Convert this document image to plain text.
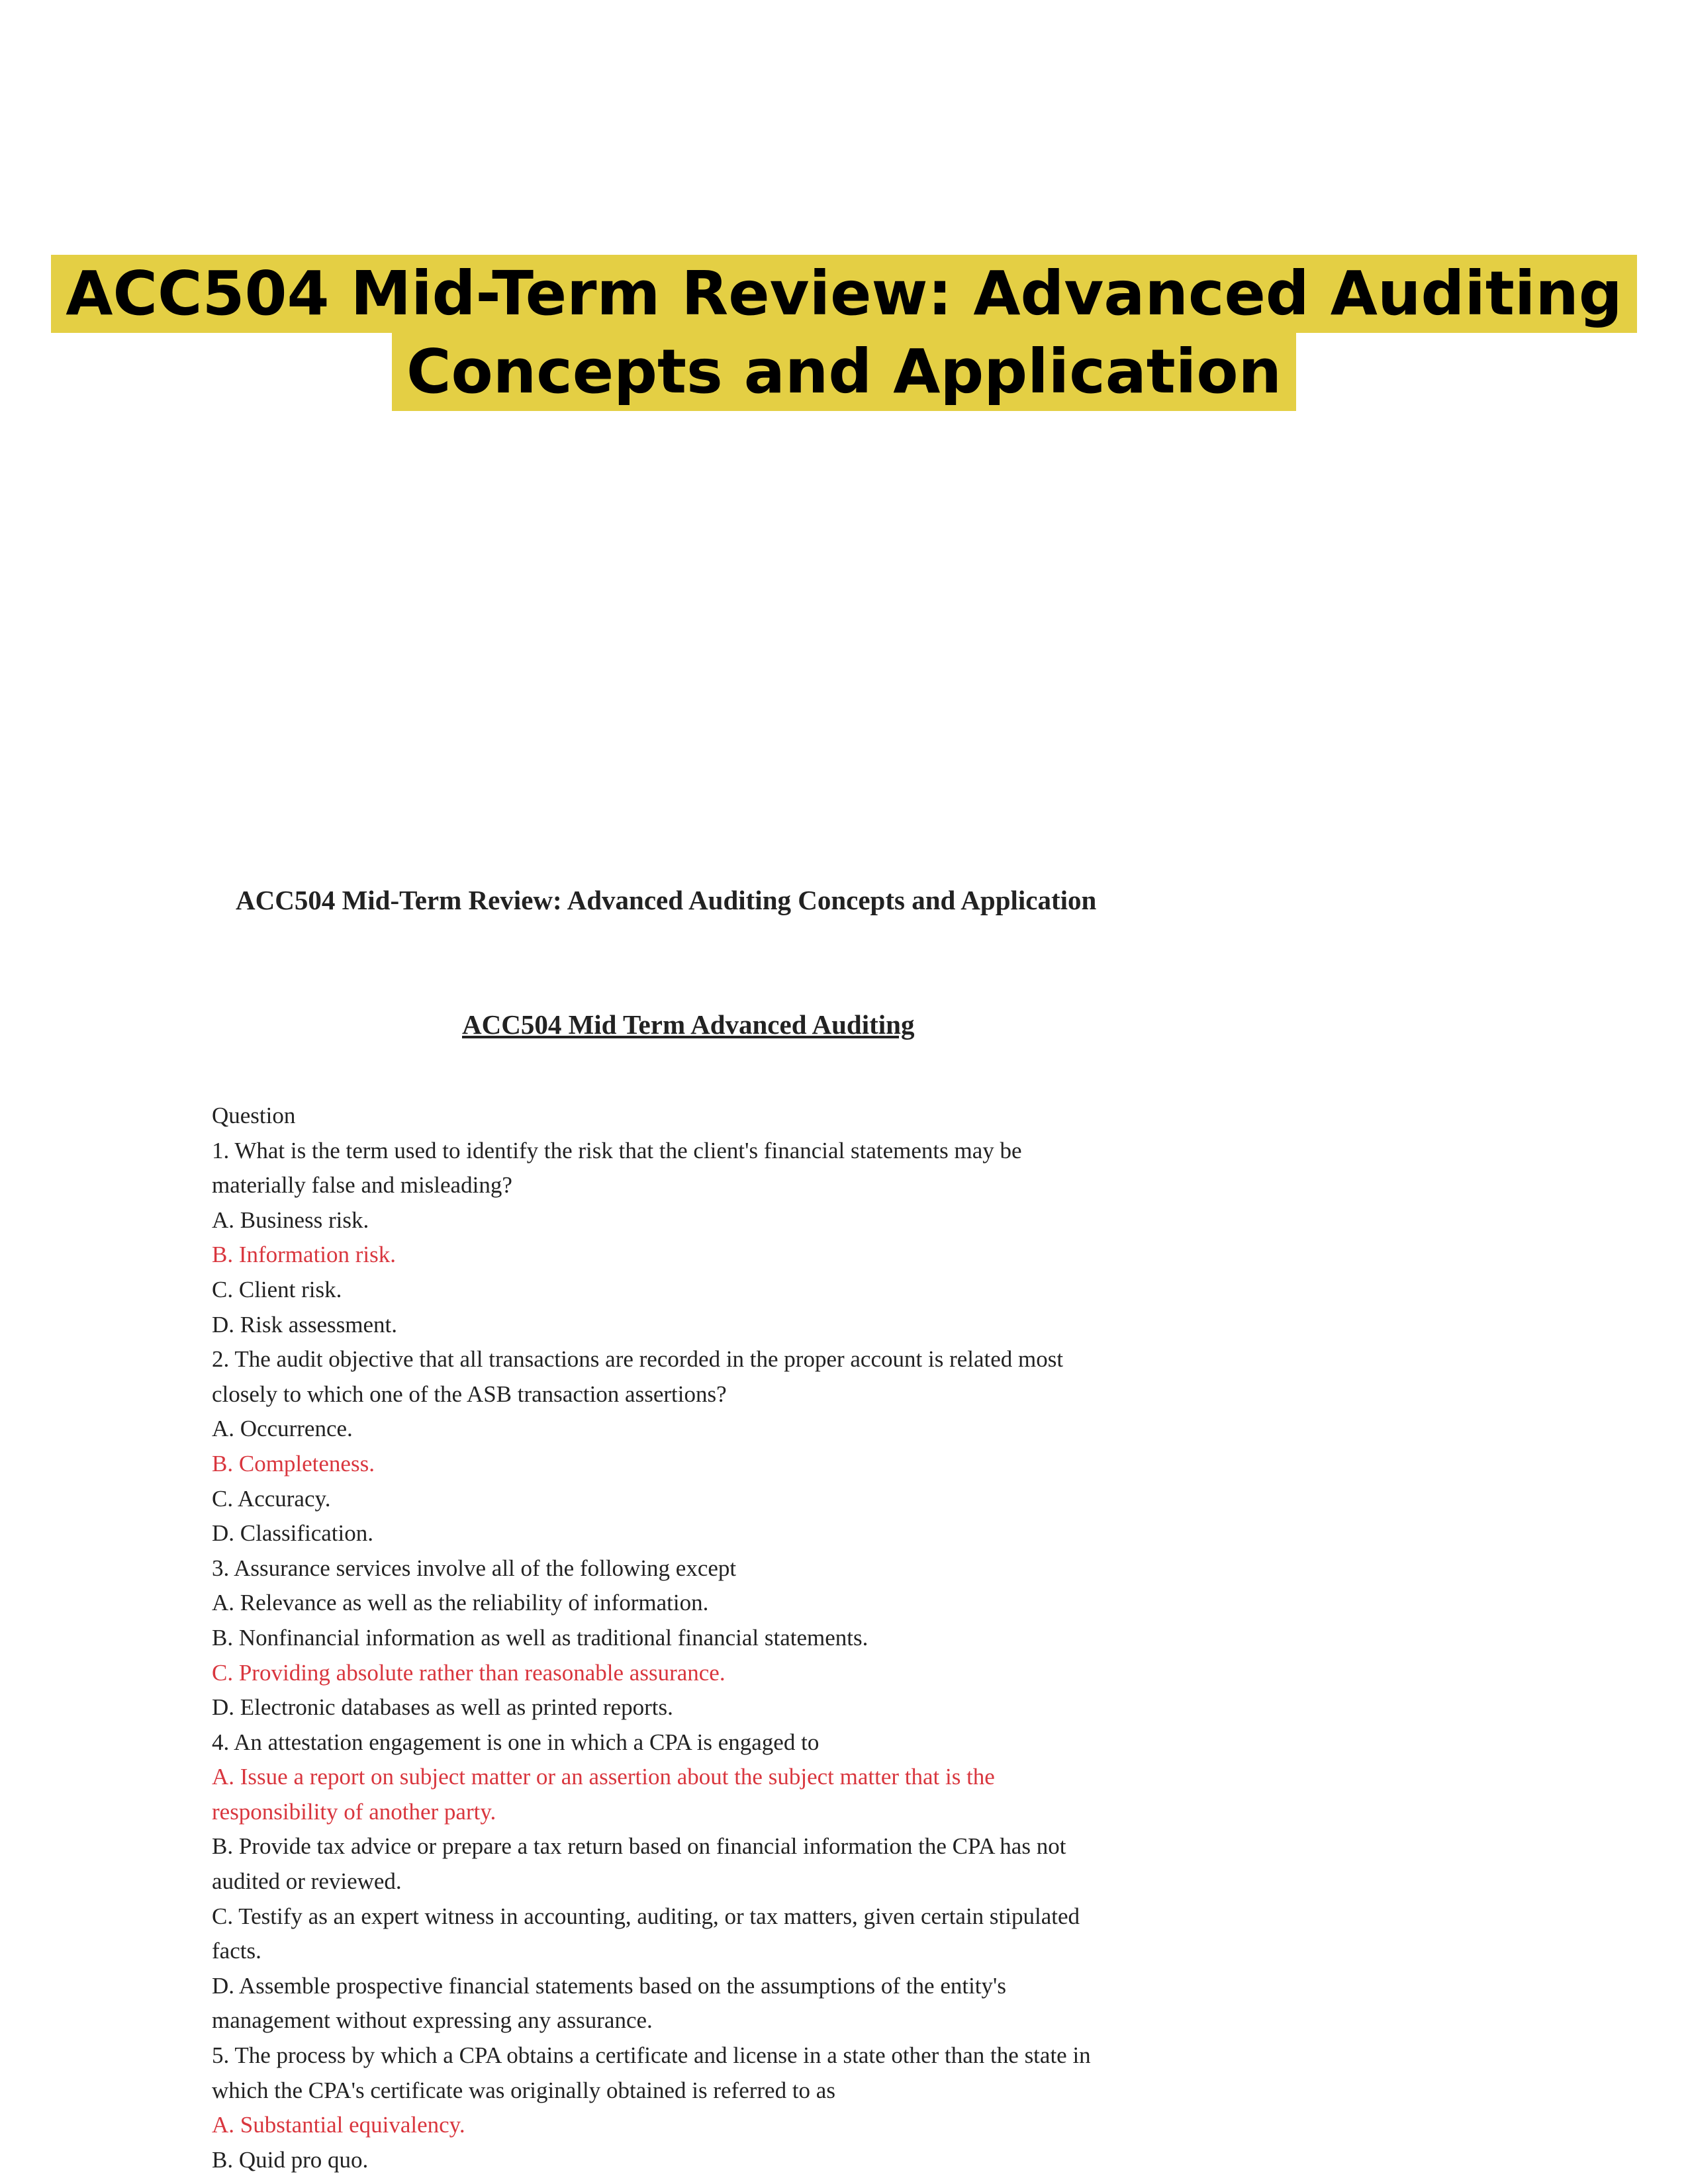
ACC504 Mid-Term Review: Advanced Auditing
Concepts and Application
ACC504 Mid-Term Review: Advanced Auditing Concepts and Application
ACC504 Mid Term Advanced Auditing
Question
1. What is the term used to identify the risk that the client's financial statements may be
materially false and misleading?
A. Business risk.
B. Information risk.
C. Client risk.
D. Risk assessment.
2. The audit objective that all transactions are recorded in the proper account is related most
closely to which one of the ASB transaction assertions?
A. Occurrence.
B. Completeness.
C. Accuracy.
D. Classification.
3. Assurance services involve all of the following except
A. Relevance as well as the reliability of information.
B. Nonfinancial information as well as traditional financial statements.
C. Providing absolute rather than reasonable assurance.
D. Electronic databases as well as printed reports.
4. An attestation engagement is one in which a CPA is engaged to
A. Issue a report on subject matter or an assertion about the subject matter that is the
responsibility of another party.
B. Provide tax advice or prepare a tax return based on financial information the CPA has not
audited or reviewed.
C. Testify as an expert witness in accounting, auditing, or tax matters, given certain stipulated
facts.
D. Assemble prospective financial statements based on the assumptions of the entity's
management without expressing any assurance.
5. The process by which a CPA obtains a certificate and license in a state other than the state in
which the CPA's certificate was originally obtained is referred to as
A. Substantial equivalency.
B. Quid pro quo.
